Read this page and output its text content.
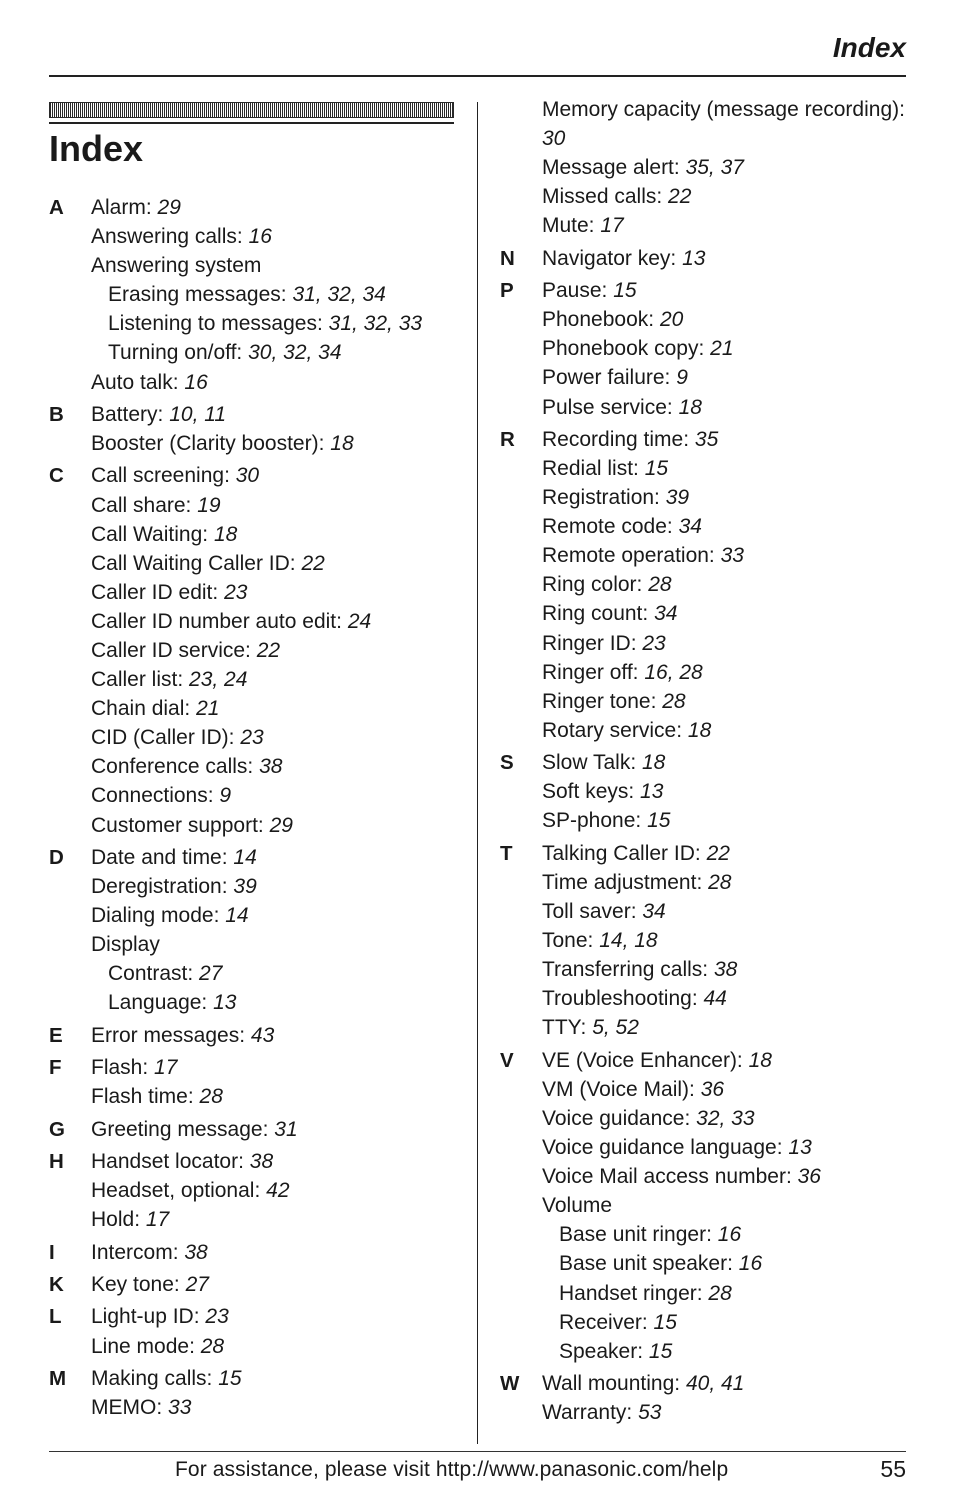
Index
Index
A	Alarm: 29
Answering calls: 16
Answering system
Erasing messages: 31, 32, 34
Listening to messages: 31, 32, 33
Turning on/off: 30, 32, 34
Auto talk: 16
B	Battery: 10, 11
Booster (Clarity booster): 18
C	Call screening: 30
Call share: 19
Call Waiting: 18
Call Waiting Caller ID: 22
Caller ID edit: 23
Caller ID number auto edit: 24
Caller ID service: 22
Caller list: 23, 24
Chain dial: 21
CID (Caller ID): 23
Conference calls: 38
Connections: 9
Customer support: 29
D	Date and time: 14
Deregistration: 39
Dialing mode: 14
Display
Contrast: 27
Language: 13
E	Error messages: 43
F	Flash: 17
Flash time: 28
G	Greeting message: 31
H	Handset locator: 38
Headset, optional: 42
Hold: 17
I	Intercom: 38
K	Key tone: 27
L	Light-up ID: 23
Line mode: 28
M	Making calls: 15
MEMO: 33
Memory capacity (message recording): 30
Message alert: 35, 37
Missed calls: 22
Mute: 17
N	Navigator key: 13
P	Pause: 15
Phonebook: 20
Phonebook copy: 21
Power failure: 9
Pulse service: 18
R	Recording time: 35
Redial list: 15
Registration: 39
Remote code: 34
Remote operation: 33
Ring color: 28
Ring count: 34
Ringer ID: 23
Ringer off: 16, 28
Ringer tone: 28
Rotary service: 18
S	Slow Talk: 18
Soft keys: 13
SP-phone: 15
T	Talking Caller ID: 22
Time adjustment: 28
Toll saver: 34
Tone: 14, 18
Transferring calls: 38
Troubleshooting: 44
TTY: 5, 52
V	VE (Voice Enhancer): 18
VM (Voice Mail): 36
Voice guidance: 32, 33
Voice guidance language: 13
Voice Mail access number: 36
Volume
Base unit ringer: 16
Base unit speaker: 16
Handset ringer: 28
Receiver: 15
Speaker: 15
W	Wall mounting: 40, 41
Warranty: 53
For assistance, please visit http://www.panasonic.com/help	55
